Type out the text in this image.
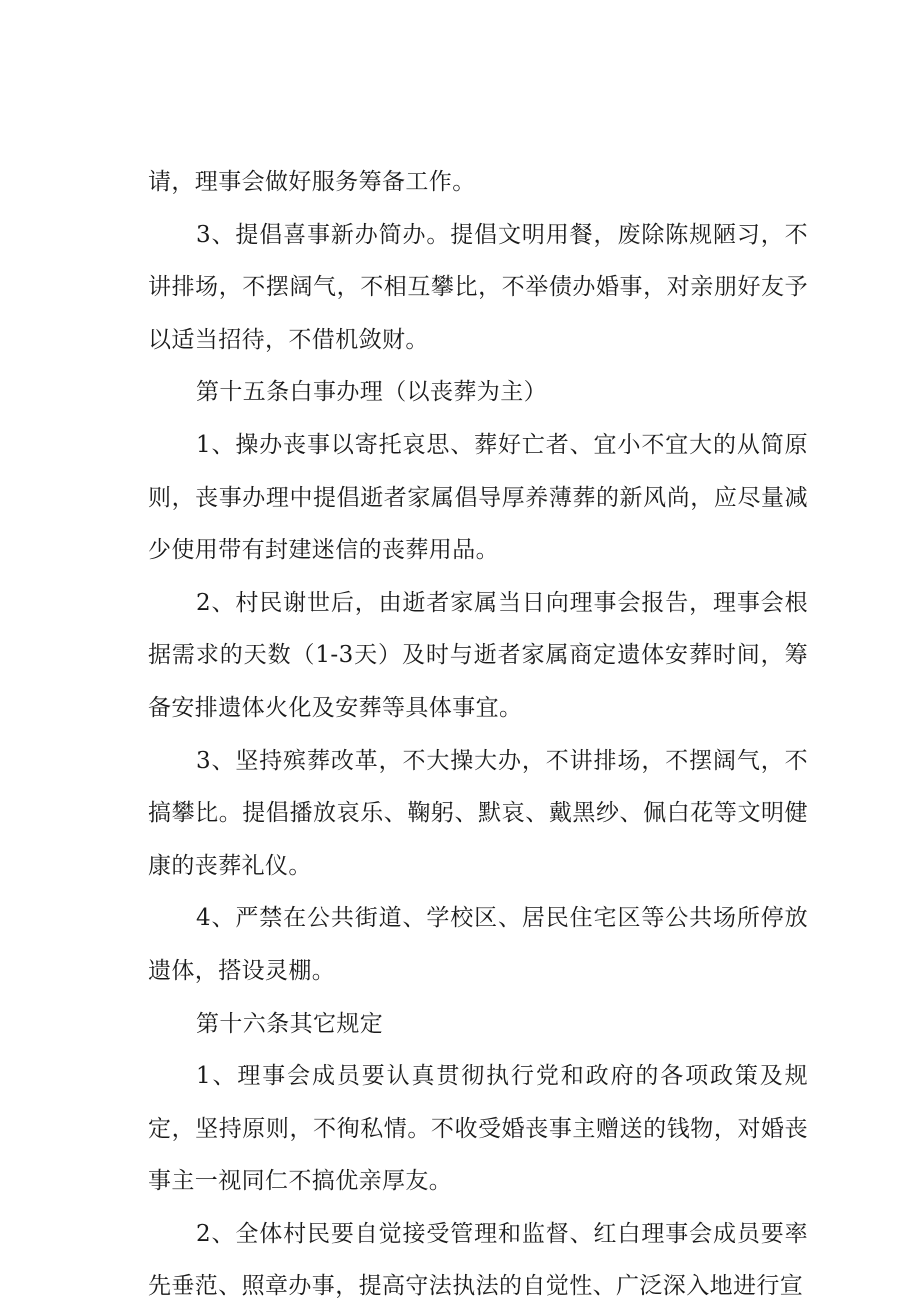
请，理事会做好服务筹备工作。

3、提倡喜事新办简办。提倡文明用餐，废除陈规陋习，不讲排场，不摆阔气，不相互攀比，不举债办婚事，对亲朋好友予以适当招待，不借机敛财。

第十五条白事办理（以丧葬为主）

1、操办丧事以寄托哀思、葬好亡者、宜小不宜大的从简原则，丧事办理中提倡逝者家属倡导厚养薄葬的新风尚，应尽量减少使用带有封建迷信的丧葬用品。

2、村民谢世后，由逝者家属当日向理事会报告，理事会根据需求的天数（1-3天）及时与逝者家属商定遗体安葬时间，筹备安排遗体火化及安葬等具体事宜。

3、坚持殡葬改革，不大操大办，不讲排场，不摆阔气，不搞攀比。提倡播放哀乐、鞠躬、默哀、戴黑纱、佩白花等文明健康的丧葬礼仪。

4、严禁在公共街道、学校区、居民住宅区等公共场所停放遗体，搭设灵棚。

第十六条其它规定

1、理事会成员要认真贯彻执行党和政府的各项政策及规定，坚持原则，不徇私情。不收受婚丧事主赠送的钱物，对婚丧事主一视同仁不搞优亲厚友。

2、全体村民要自觉接受管理和监督、红白理事会成员要率先垂范、照章办事，提高守法执法的自觉性、广泛深入地进行宣
